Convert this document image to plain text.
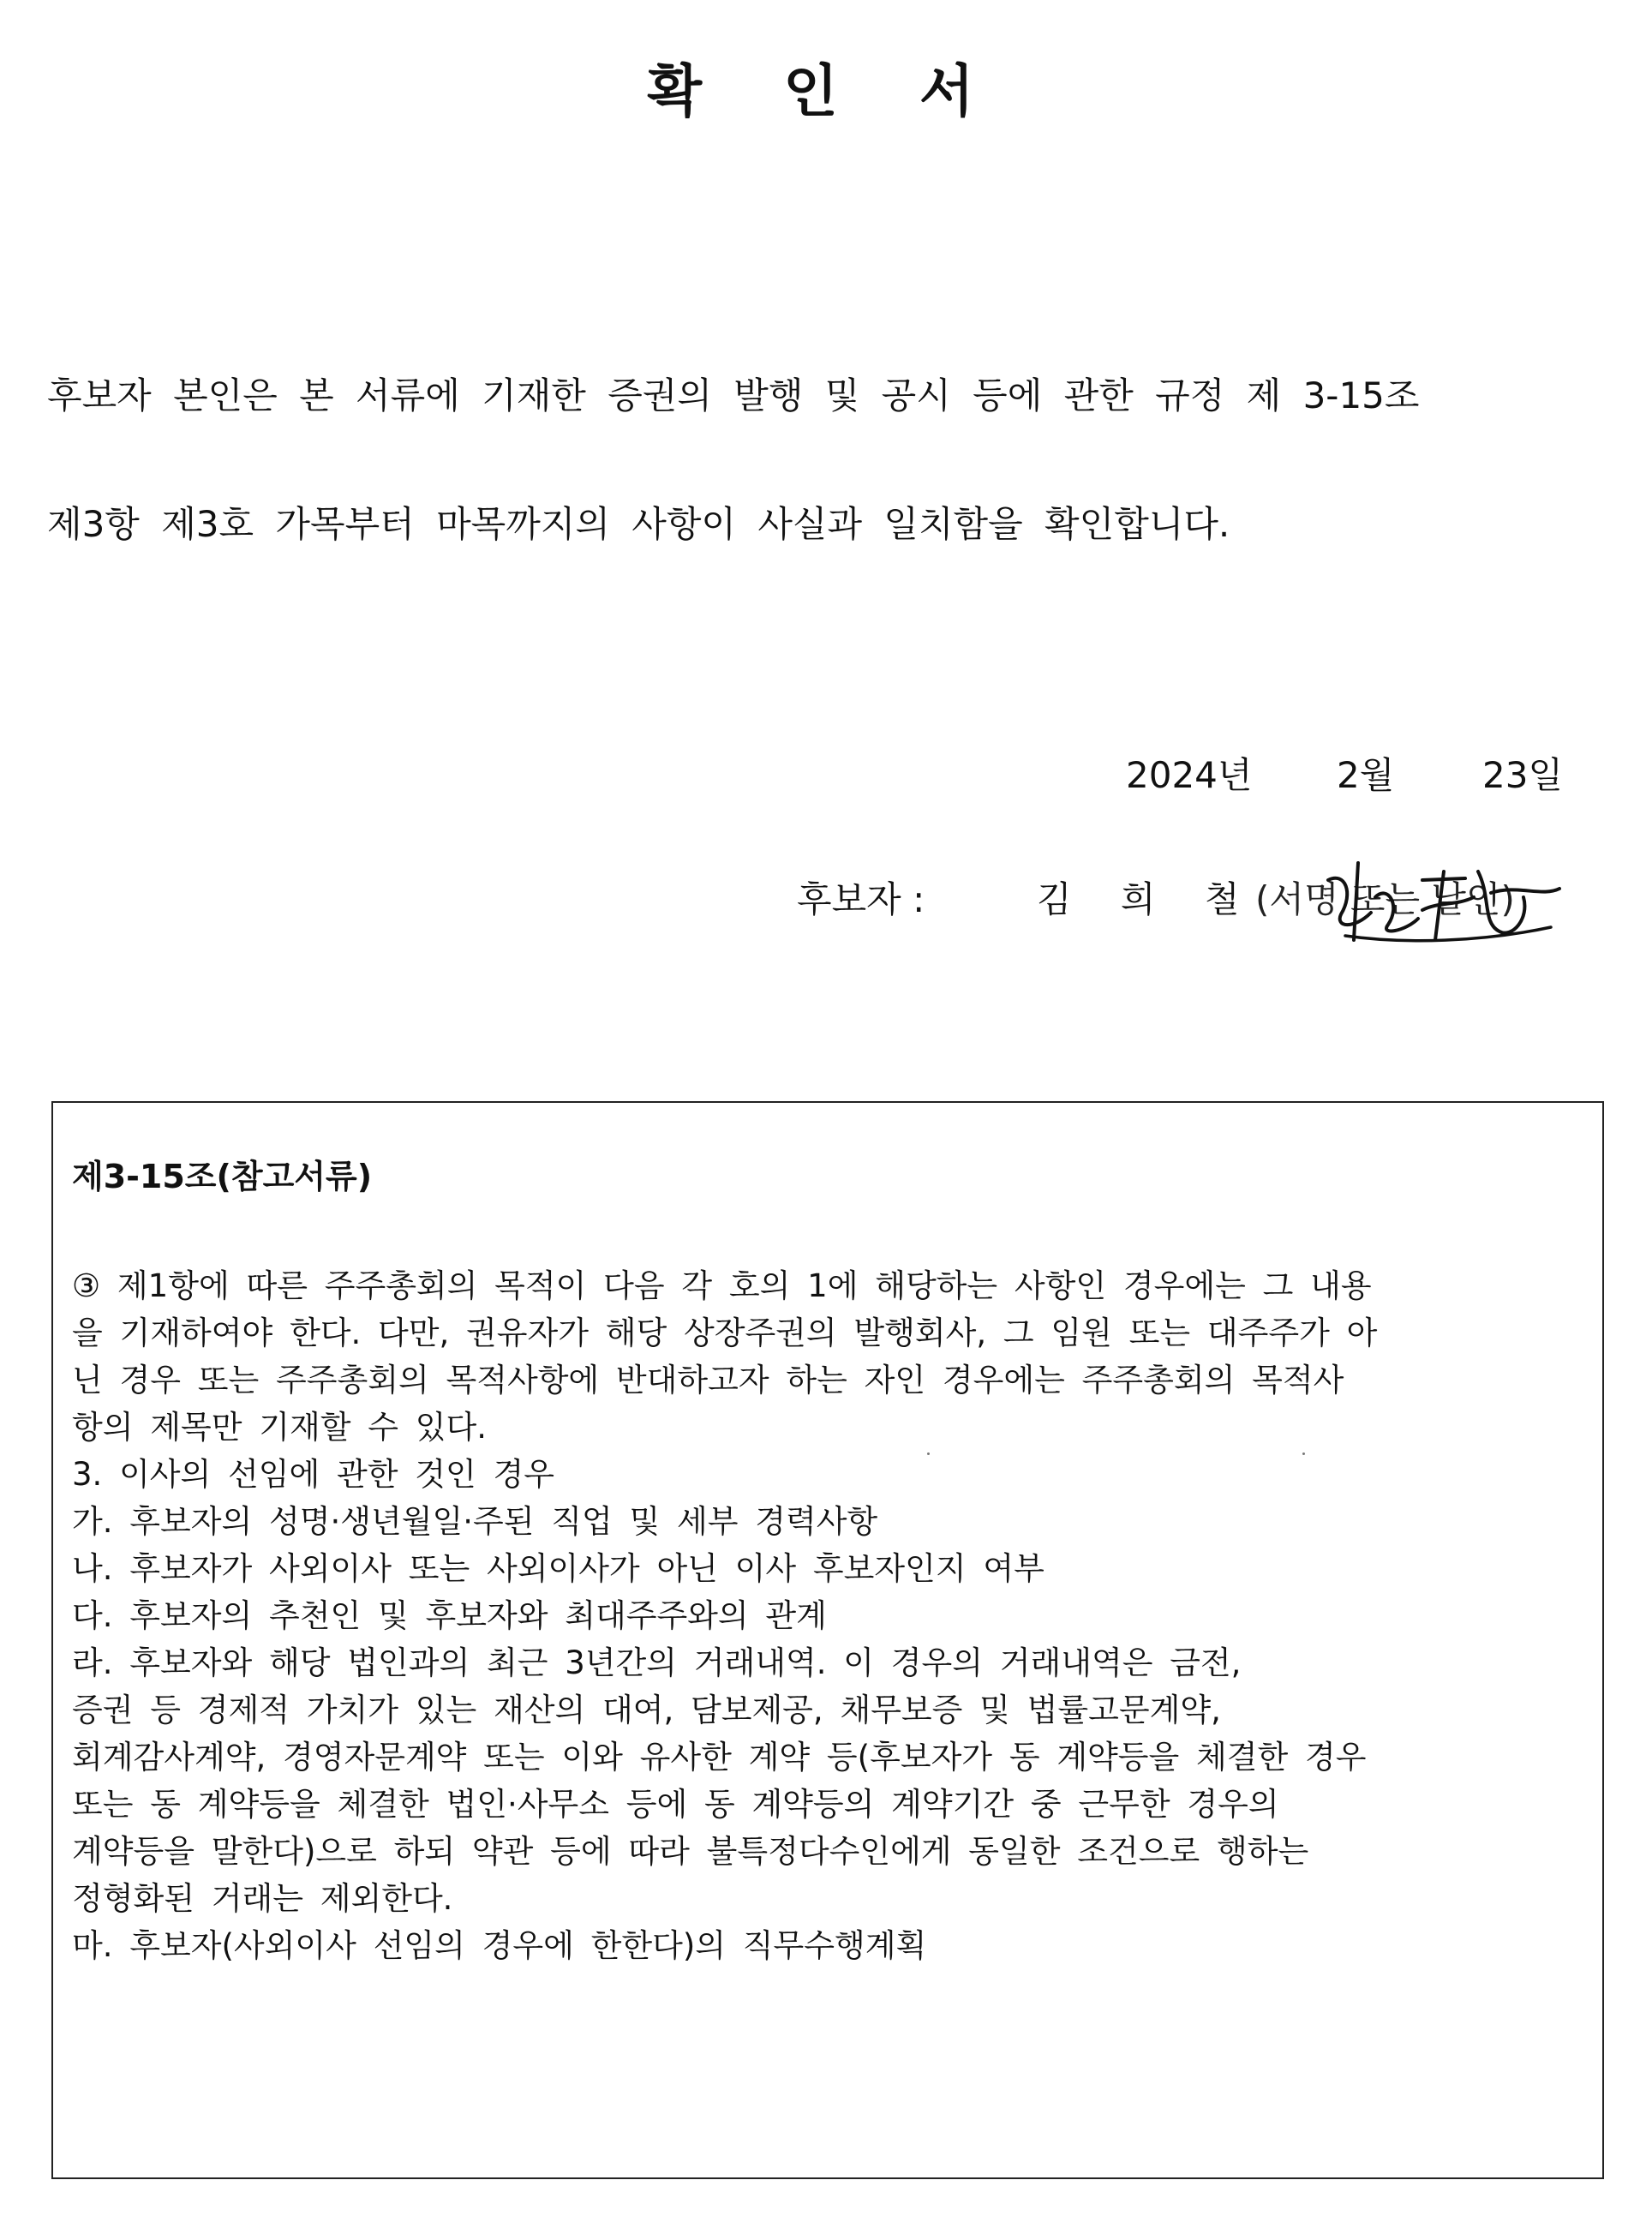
확 인 서
후보자 본인은 본 서류에 기재한 증권의 발행 및 공시 등에 관한 규정 제 3-15조
제3항 제3호 가목부터 마목까지의 사항이 사실과 일치함을 확인합니다.
2024년 2월 23일
후보자 :	김 희 철
(서명 또는 날인)
제3-15조(참고서류)
③ 제1항에 따른 주주총회의 목적이 다음 각 호의 1에 해당하는 사항인 경우에는 그 내용
을 기재하여야 한다. 다만, 권유자가 해당 상장주권의 발행회사, 그 임원 또는 대주주가 아
닌 경우 또는 주주총회의 목적사항에 반대하고자 하는 자인 경우에는 주주총회의 목적사
항의 제목만 기재할 수 있다.
3. 이사의 선임에 관한 것인 경우
가. 후보자의 성명·생년월일·주된 직업 및 세부 경력사항
나. 후보자가 사외이사 또는 사외이사가 아닌 이사 후보자인지 여부
다. 후보자의 추천인 및 후보자와 최대주주와의 관계
라. 후보자와 해당 법인과의 최근 3년간의 거래내역. 이 경우의 거래내역은 금전,
증권 등 경제적 가치가 있는 재산의 대여, 담보제공, 채무보증 및 법률고문계약,
회계감사계약, 경영자문계약 또는 이와 유사한 계약 등(후보자가 동 계약등을 체결한 경우
또는 동 계약등을 체결한 법인·사무소 등에 동 계약등의 계약기간 중 근무한 경우의
계약등을 말한다)으로 하되 약관 등에 따라 불특정다수인에게 동일한 조건으로 행하는
정형화된 거래는 제외한다.
마. 후보자(사외이사 선임의 경우에 한한다)의 직무수행계획
